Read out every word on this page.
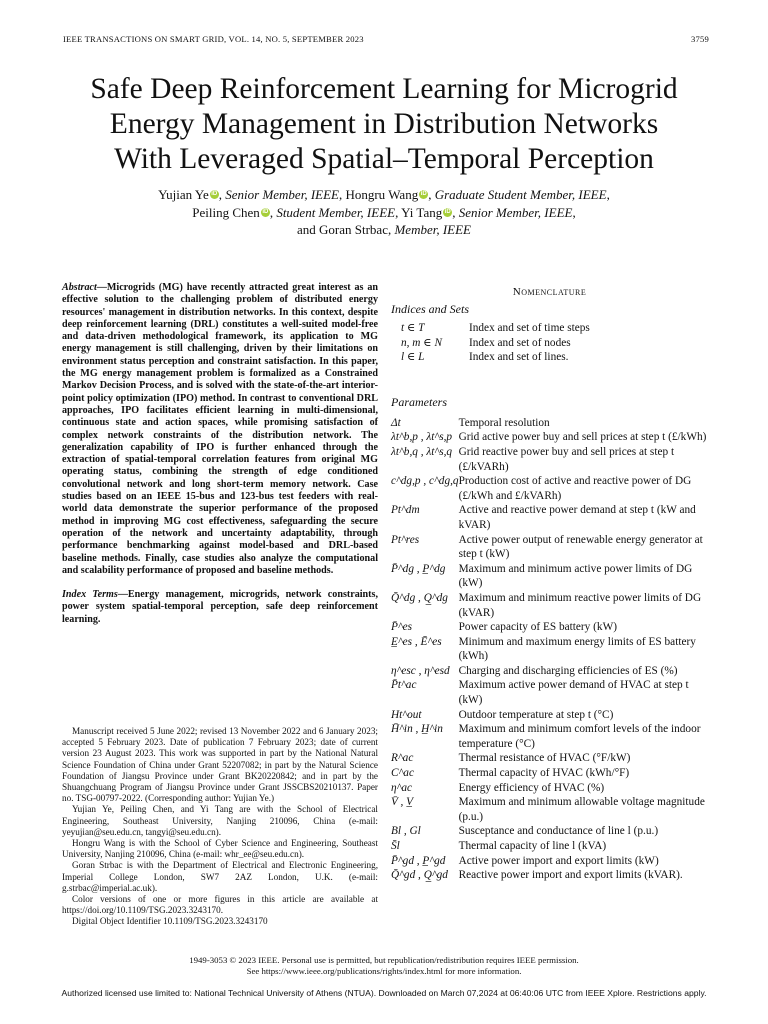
IEEE TRANSACTIONS ON SMART GRID, VOL. 14, NO. 5, SEPTEMBER 2023	3759
Safe Deep Reinforcement Learning for Microgrid
Energy Management in Distribution Networks
With Leveraged Spatial–Temporal Perception
Yujian Ye iD , Senior Member, IEEE, Hongru Wang iD , Graduate Student Member, IEEE,
Peiling Chen iD , Student Member, IEEE, Yi Tang iD , Senior Member, IEEE,
and Goran Strbac, Member, IEEE

Abstract—Microgrids (MG) have recently attracted great interest as an effective solution to the challenging problem of distributed energy resources' management in distribution networks. In this context, despite deep reinforcement learning (DRL) constitutes a well-suited model-free and data-driven methodological framework, its application to MG energy management is still challenging, driven by their limitations on environment status perception and constraint satisfaction. In this paper, the MG energy management problem is formalized as a Constrained Markov Decision Process, and is solved with the state-of-the-art interior-point policy optimization (IPO) method. In contrast to conventional DRL approaches, IPO facilitates efficient learning in multi-dimensional, continuous state and action spaces, while promising satisfaction of complex network constraints of the distribution network. The generalization capability of IPO is further enhanced through the extraction of spatial-temporal correlation features from original MG operating status, combining the strength of edge conditioned convolutional network and long short-term memory network. Case studies based on an IEEE 15-bus and 123-bus test feeders with real-world data demonstrate the superior performance of the proposed method in improving MG cost effectiveness, safeguarding the secure operation of the network and uncertainty adaptability, through performance benchmarking against model-based and DRL-based baseline methods. Finally, case studies also analyze the computational and scalability performance of proposed and baseline methods.

Index Terms—Energy management, microgrids, network constraints, power system spatial-temporal perception, safe deep reinforcement learning.

Manuscript received 5 June 2022; revised 13 November 2022 and 6 January 2023; accepted 5 February 2023. Date of publication 7 February 2023; date of current version 23 August 2023. This work was supported in part by the National Natural Science Foundation of China under Grant 52207082; in part by the Natural Science Foundation of Jiangsu Province under Grant BK20220842; and in part by the Shuangchuang Program of Jiangsu Province under Grant JSSCBS20210137. Paper no. TSG-00797-2022. (Corresponding author: Yujian Ye.)

Yujian Ye, Peiling Chen, and Yi Tang are with the School of Electrical Engineering, Southeast University, Nanjing 210096, China (e-mail: yeyujian@seu.edu.cn, tangyi@seu.edu.cn).

Hongru Wang is with the School of Cyber Science and Engineering, Southeast University, Nanjing 210096, China (e-mail: whr_ee@seu.edu.cn).

Goran Strbac is with the Department of Electrical and Electronic Engineering, Imperial College London, SW7 2AZ London, U.K. (e-mail: g.strbac@imperial.ac.uk).

Color versions of one or more figures in this article are available at https://doi.org/10.1109/TSG.2023.3243170.

Digital Object Identifier 10.1109/TSG.2023.3243170

Nomenclature
Indices and Sets
t ∈ T	Index and set of time steps
n, m ∈ N	Index and set of nodes
l ∈ L	Index and set of lines.
Parameters
Δt	Temporal resolution
λt^b,p , λt^s,p	Grid active power buy and sell prices at step t (£/kWh)
λt^b,q , λt^s,q	Grid reactive power buy and sell prices at step t (£/kVARh)
c^dg,p , c^dg,q	Production cost of active and reactive power of DG (£/kWh and £/kVARh)
Pt^dm	Active and reactive power demand at step t (kW and kVAR)
Pt^res	Active power output of renewable energy generator at step t (kW)
P̄^dg , P̲^dg	Maximum and minimum active power limits of DG (kW)
Q̄^dg , Q̲^dg	Maximum and minimum reactive power limits of DG (kVAR)
P̄^es	Power capacity of ES battery (kW)
E̲^es , Ē^es	Minimum and maximum energy limits of ES battery (kWh)
η^esc , η^esd	Charging and discharging efficiencies of ES (%)
P̄t^ac	Maximum active power demand of HVAC at step t (kW)
Ht^out	Outdoor temperature at step t (°C)
H̄^in , H̲^in	Maximum and minimum comfort levels of the indoor temperature (°C)
R^ac	Thermal resistance of HVAC (°F/kW)
C^ac	Thermal capacity of HVAC (kWh/°F)
η^ac	Energy efficiency of HVAC (%)
V̄ , V̲	Maximum and minimum allowable voltage magnitude (p.u.)
Bl , Gl	Susceptance and conductance of line l (p.u.)
S̄l	Thermal capacity of line l (kVA)
P̄^gd , P̲^gd	Active power import and export limits (kW)
Q̄^gd , Q̲^gd	Reactive power import and export limits (kVAR).
1949-3053 © 2023 IEEE. Personal use is permitted, but republication/redistribution requires IEEE permission.
See https://www.ieee.org/publications/rights/index.html for more information.
Authorized licensed use limited to: National Technical University of Athens (NTUA). Downloaded on March 07,2024 at 06:40:06 UTC from IEEE Xplore. Restrictions apply.
